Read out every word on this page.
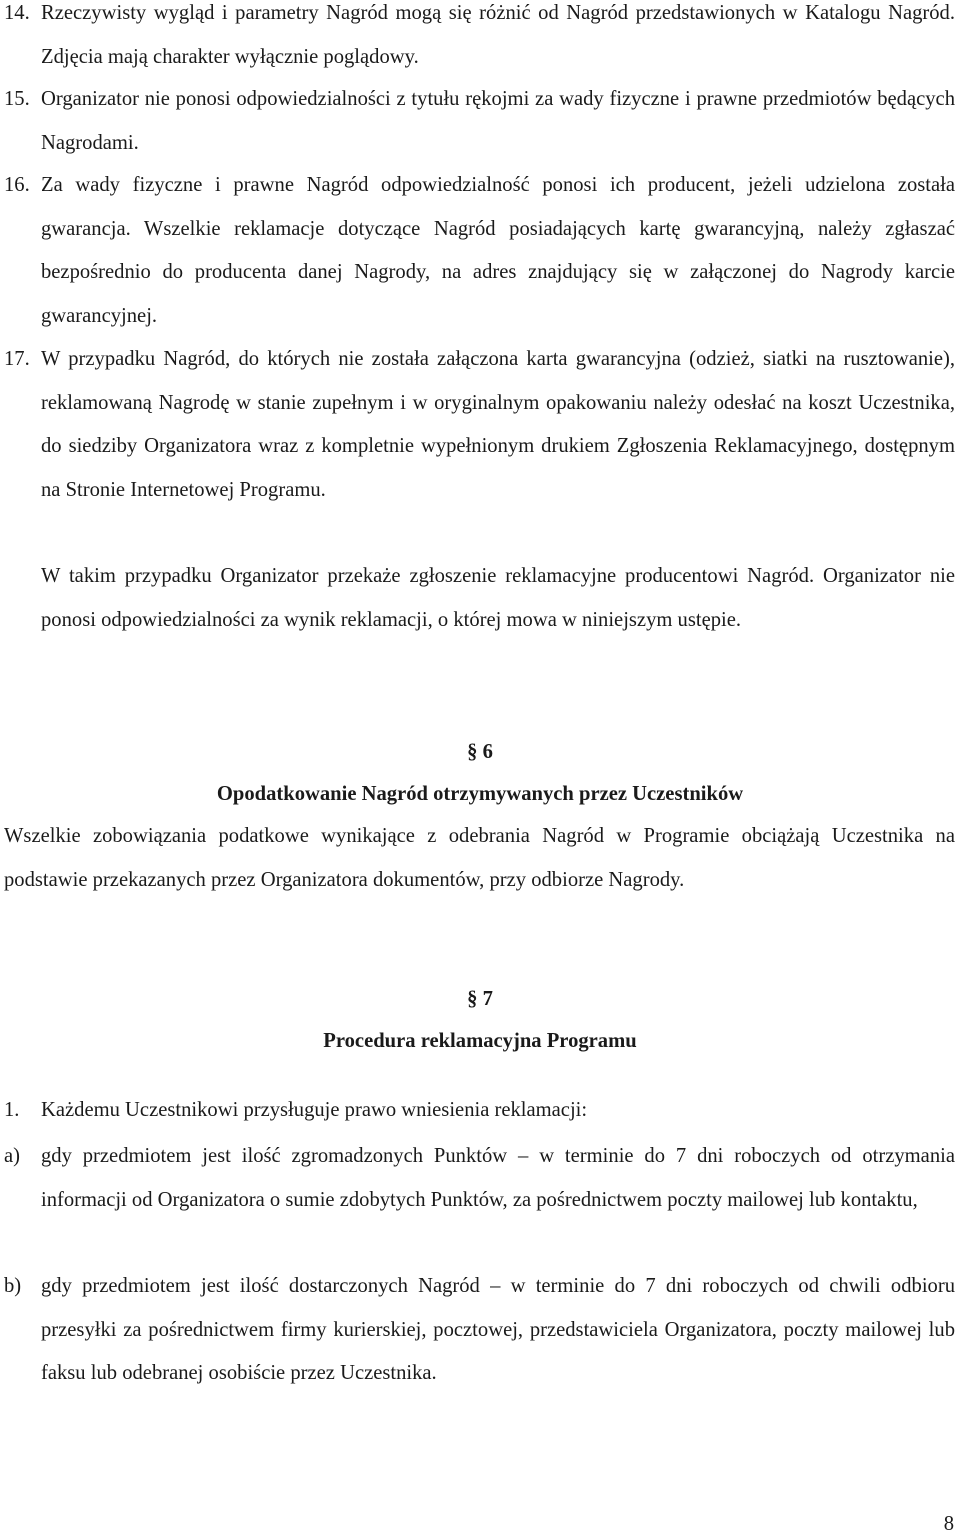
14. Rzeczywisty wygląd i parametry Nagród mogą się różnić od Nagród przedstawionych w Katalogu Nagród. Zdjęcia mają charakter wyłącznie poglądowy.

15. Organizator nie ponosi odpowiedzialności z tytułu rękojmi za wady fizyczne i prawne przedmiotów będących Nagrodami.

16. Za wady fizyczne i prawne Nagród odpowiedzialność ponosi ich producent, jeżeli udzielona została gwarancja. Wszelkie reklamacje dotyczące Nagród posiadających kartę gwarancyjną, należy zgłaszać bezpośrednio do producenta danej Nagrody, na adres znajdujący się w załączonej do Nagrody karcie gwarancyjnej.

17. W przypadku Nagród, do których nie została załączona karta gwarancyjna (odzież, siatki na rusztowanie), reklamowaną Nagrodę w stanie zupełnym i w oryginalnym opakowaniu należy odesłać na koszt Uczestnika, do siedziby Organizatora wraz z kompletnie wypełnionym drukiem Zgłoszenia Reklamacyjnego, dostępnym na Stronie Internetowej Programu.

W takim przypadku Organizator przekaże zgłoszenie reklamacyjne producentowi Nagród. Organizator nie ponosi odpowiedzialności za wynik reklamacji, o której mowa w niniejszym ustępie.

§ 6
Opodatkowanie Nagród otrzymywanych przez Uczestników

Wszelkie zobowiązania podatkowe wynikające z odebrania Nagród w Programie obciążają Uczestnika na podstawie przekazanych przez Organizatora dokumentów, przy odbiorze Nagrody.

§ 7
Procedura reklamacyjna Programu

1. Każdemu Uczestnikowi przysługuje prawo wniesienia reklamacji:

a) gdy przedmiotem jest ilość zgromadzonych Punktów – w terminie do 7 dni roboczych od otrzymania informacji od Organizatora o sumie zdobytych Punktów, za pośrednictwem poczty mailowej lub kontaktu,

b) gdy przedmiotem jest ilość dostarczonych Nagród – w terminie do 7 dni roboczych od chwili odbioru przesyłki za pośrednictwem firmy kurierskiej, pocztowej, przedstawiciela Organizatora, poczty mailowej lub faksu lub odebranej osobiście przez Uczestnika.

8
